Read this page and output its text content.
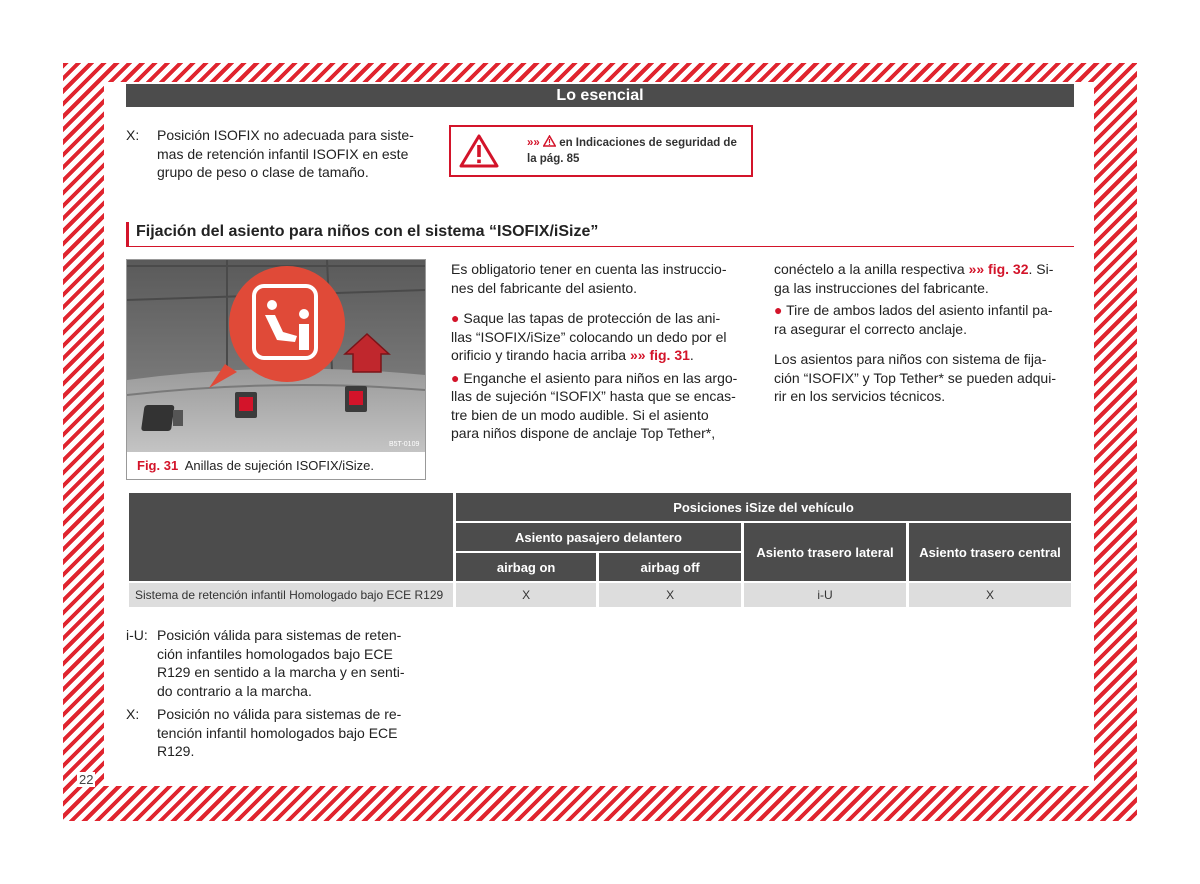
22
Lo esencial
X:	Posición ISOFIX no adecuada para siste-
mas de retención infantil ISOFIX en este
grupo de peso o clase de tamaño.
»»  en Indicaciones de seguridad de la pág. 85
Fijación del asiento para niños con el sistema “ISOFIX/iSize”
B5T-0109
Fig. 31 Anillas de sujeción ISOFIX/iSize.

Es obligatorio tener en cuenta las instruccio-
nes del fabricante del asiento.

● Saque las tapas de protección de las ani-
llas “ISOFIX/iSize” colocando un dedo por el
orificio y tirando hacia arriba »» fig. 31.

● Enganche el asiento para niños en las argo-
llas de sujeción “ISOFIX” hasta que se encas-
tre bien de un modo audible. Si el asiento
para niños dispone de anclaje Top Tether*,

conéctelo a la anilla respectiva »» fig. 32. Si-
ga las instrucciones del fabricante.

● Tire de ambos lados del asiento infantil pa-
ra asegurar el correcto anclaje.

Los asientos para niños con sistema de fija-
ción “ISOFIX” y Top Tether* se pueden adqui-
rir en los servicios técnicos.

	Posiciones iSize del vehículo			
	Asiento pasajero delantero		Asiento trasero lateral	Asiento trasero central
	airbag on	airbag off		
Sistema de retención infantil Homologado bajo ECE R129	X	X	i-U	X
i-U: Posición válida para sistemas de reten-
ción infantiles homologados bajo ECE
R129 en sentido a la marcha y en senti-
do contrario a la marcha.
X:	Posición no válida para sistemas de re-
tención infantil homologados bajo ECE
R129.
